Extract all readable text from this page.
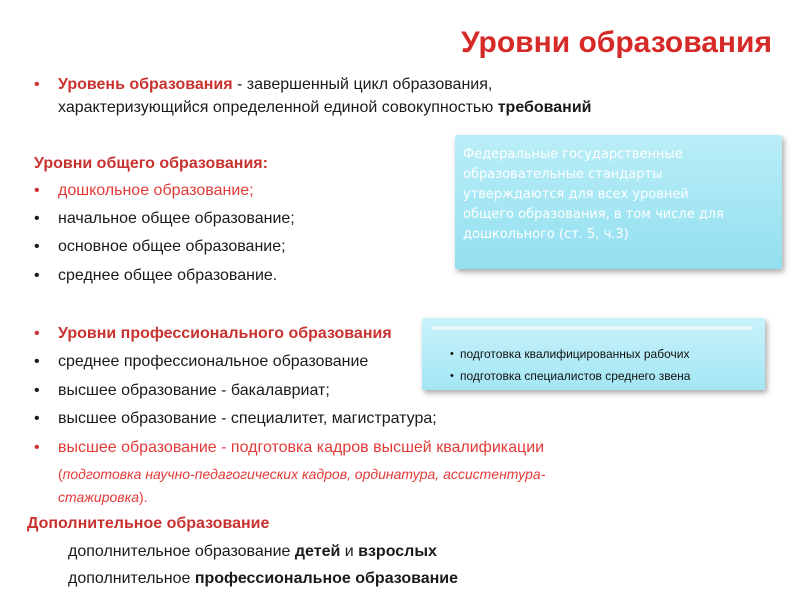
Уровни образования
• Уровень образования - завершенный цикл образования,
характеризующийся определенной единой совокупностью требований
Уровни общего образования:
• дошкольное образование;
• начальное общее образование;
• основное общее образование;
• среднее общее образование.
• Уровни профессионального образования
• среднее профессиональное образование
• высшее образование - бакалавриат;
• высшее образование - специалитет, магистратура;
• высшее образование - подготовка кадров высшей квалификации
(подготовка научно-педагогических кадров, ординатура, ассистентура-
стажировка).
Дополнительное образование
дополнительное образование детей и взрослых
дополнительное профессиональное образование
Федеральные государственные
образовательные стандарты
утверждаются для всех уровней
общего образования, в том числе для
дошкольного (ст. 5, ч.3)
• подготовка квалифицированных рабочих
• подготовка специалистов среднего звена
